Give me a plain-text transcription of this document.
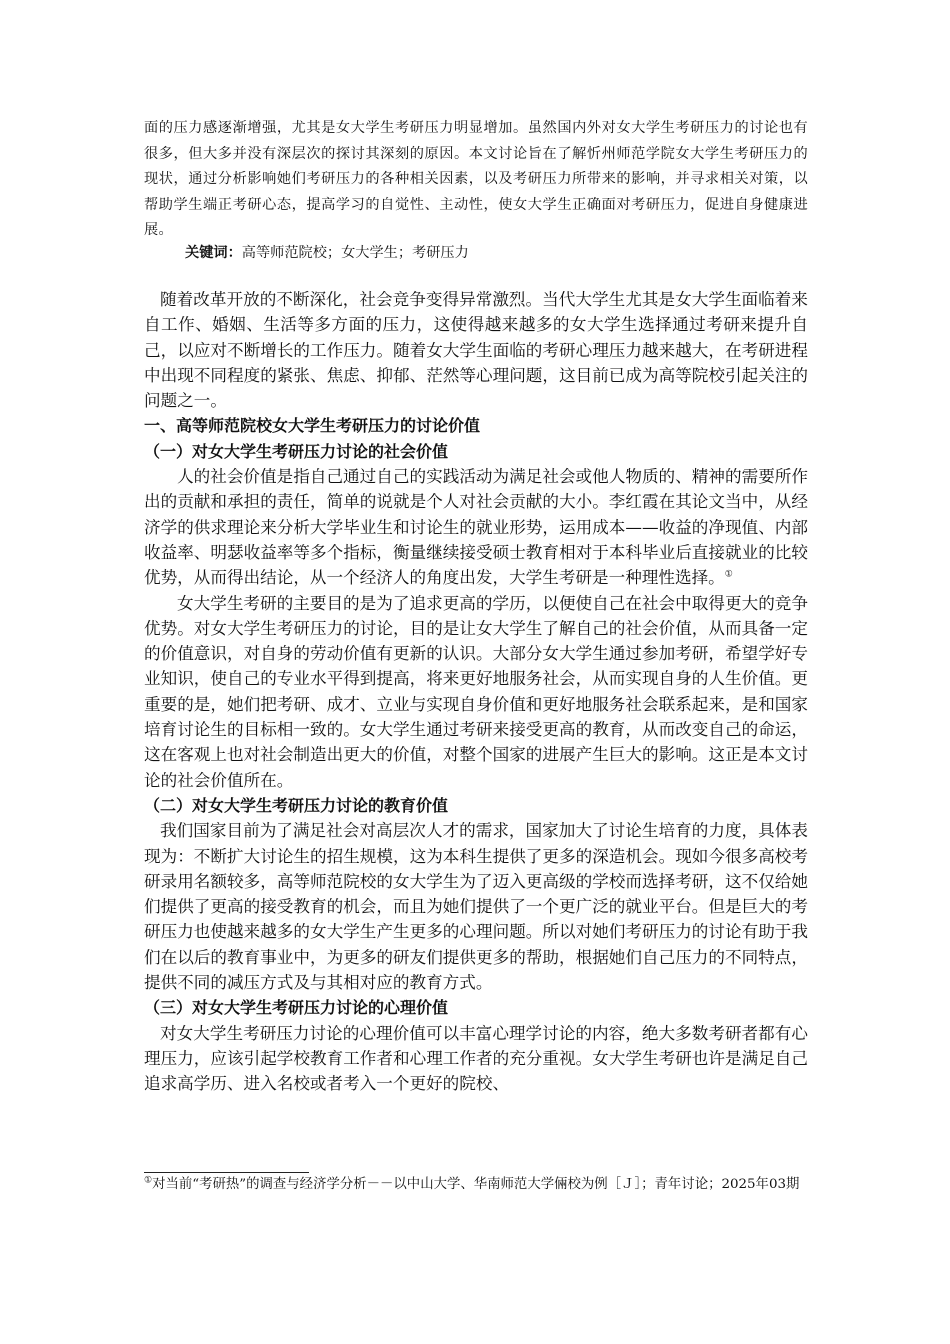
面的压力感逐渐增强，尤其是女大学生考研压力明显增加。虽然国内外对女大学生考研压力的讨论也有很多，但大多并没有深层次的探讨其深刻的原因。本文讨论旨在了解忻州师范学院女大学生考研压力的现状，通过分析影响她们考研压力的各种相关因素，以及考研压力所带来的影响，并寻求相关对策，以帮助学生端正考研心态，提高学习的自觉性、主动性，使女大学生正确面对考研压力，促进自身健康进展。
关键词：高等师范院校；女大学生；考研压力

随着改革开放的不断深化，社会竞争变得异常激烈。当代大学生尤其是女大学生面临着来自工作、婚姻、生活等多方面的压力，这使得越来越多的女大学生选择通过考研来提升自己，以应对不断增长的工作压力。随着女大学生面临的考研心理压力越来越大，在考研进程中出现不同程度的紧张、焦虑、抑郁、茫然等心理问题，这目前已成为高等院校引起关注的问题之一。

一、高等师范院校女大学生考研压力的讨论价值

（一）对女大学生考研压力讨论的社会价值

人的社会价值是指自己通过自己的实践活动为满足社会或他人物质的、精神的需要所作出的贡献和承担的责任，简单的说就是个人对社会贡献的大小。李红霞在其论文当中，从经济学的供求理论来分析大学毕业生和讨论生的就业形势，运用成本——收益的净现值、内部收益率、明瑟收益率等多个指标，衡量继续接受硕士教育相对于本科毕业后直接就业的比较优势，从而得出结论，从一个经济人的角度出发，大学生考研是一种理性选择。①

女大学生考研的主要目的是为了追求更高的学历，以便使自己在社会中取得更大的竞争优势。对女大学生考研压力的讨论，目的是让女大学生了解自己的社会价值，从而具备一定的价值意识，对自身的劳动价值有更新的认识。大部分女大学生通过参加考研，希望学好专业知识，使自己的专业水平得到提高，将来更好地服务社会，从而实现自身的人生价值。更重要的是，她们把考研、成才、立业与实现自身价值和更好地服务社会联系起来，是和国家培育讨论生的目标相一致的。女大学生通过考研来接受更高的教育，从而改变自己的命运，这在客观上也对社会制造出更大的价值，对整个国家的进展产生巨大的影响。这正是本文讨论的社会价值所在。

（二）对女大学生考研压力讨论的教育价值

我们国家目前为了满足社会对高层次人才的需求，国家加大了讨论生培育的力度，具体表现为：不断扩大讨论生的招生规模，这为本科生提供了更多的深造机会。现如今很多高校考研录用名额较多，高等师范院校的女大学生为了迈入更高级的学校而选择考研，这不仅给她们提供了更高的接受教育的机会，而且为她们提供了一个更广泛的就业平台。但是巨大的考研压力也使越来越多的女大学生产生更多的心理问题。所以对她们考研压力的讨论有助于我们在以后的教育事业中，为更多的研友们提供更多的帮助，根据她们自己压力的不同特点，提供不同的减压方式及与其相对应的教育方式。

（三）对女大学生考研压力讨论的心理价值

对女大学生考研压力讨论的心理价值可以丰富心理学讨论的内容，绝大多数考研者都有心理压力，应该引起学校教育工作者和心理工作者的充分重视。女大学生考研也许是满足自己追求高学历、进入名校或者考入一个更好的院校、

①对当前“考研热”的调查与经济学分析－－以中山大学、华南师范大学倆校为例［Ｊ］；青年讨论；2025年03期
